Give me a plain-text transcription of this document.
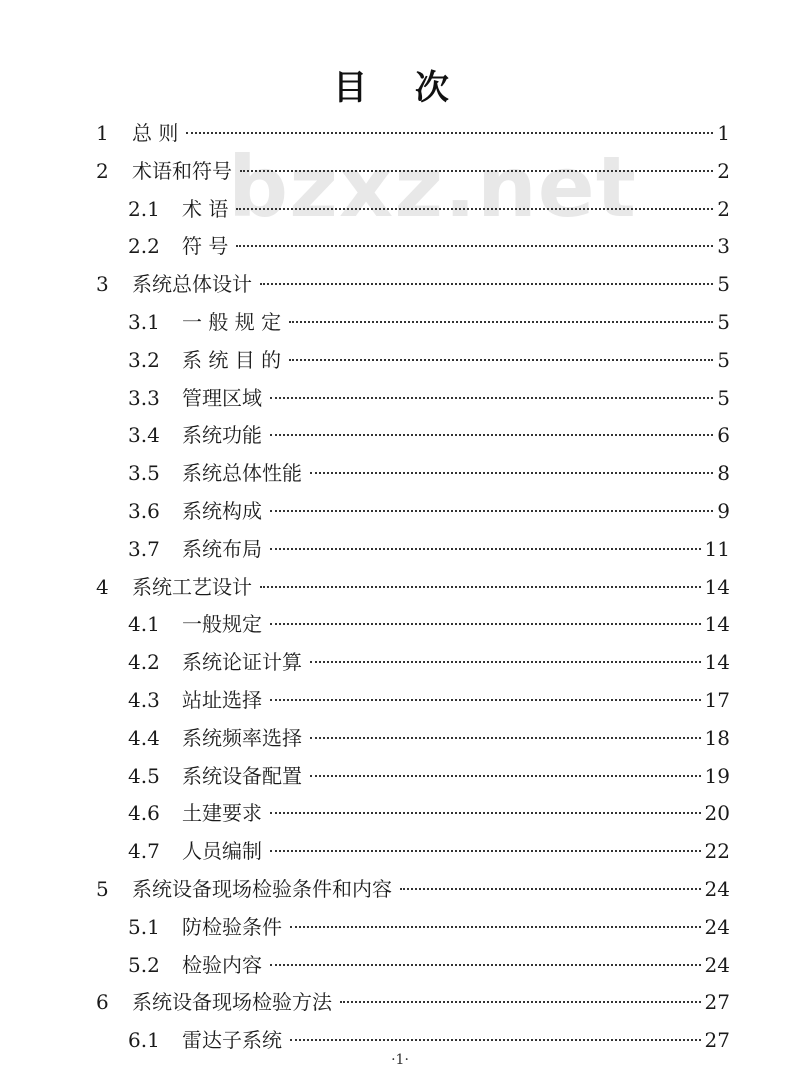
目 次
bzxz.net
1	总 则	1
2	术语和符号	2
2.1	术 语	2
2.2	符 号	3
3	系统总体设计	5
3.1	一 般 规 定	5
3.2	系 统 目 的	5
3.3	管理区域	5
3.4	系统功能	6
3.5	系统总体性能	8
3.6	系统构成	9
3.7	系统布局	11
4	系统工艺设计	14
4.1	一般规定	14
4.2	系统论证计算	14
4.3	站址选择	17
4.4	系统频率选择	18
4.5	系统设备配置	19
4.6	土建要求	20
4.7	人员编制	22
5	系统设备现场检验条件和内容	24
5.1	防检验条件	24
5.2	检验内容	24
6	系统设备现场检验方法	27
6.1	雷达子系统	27
·1·
